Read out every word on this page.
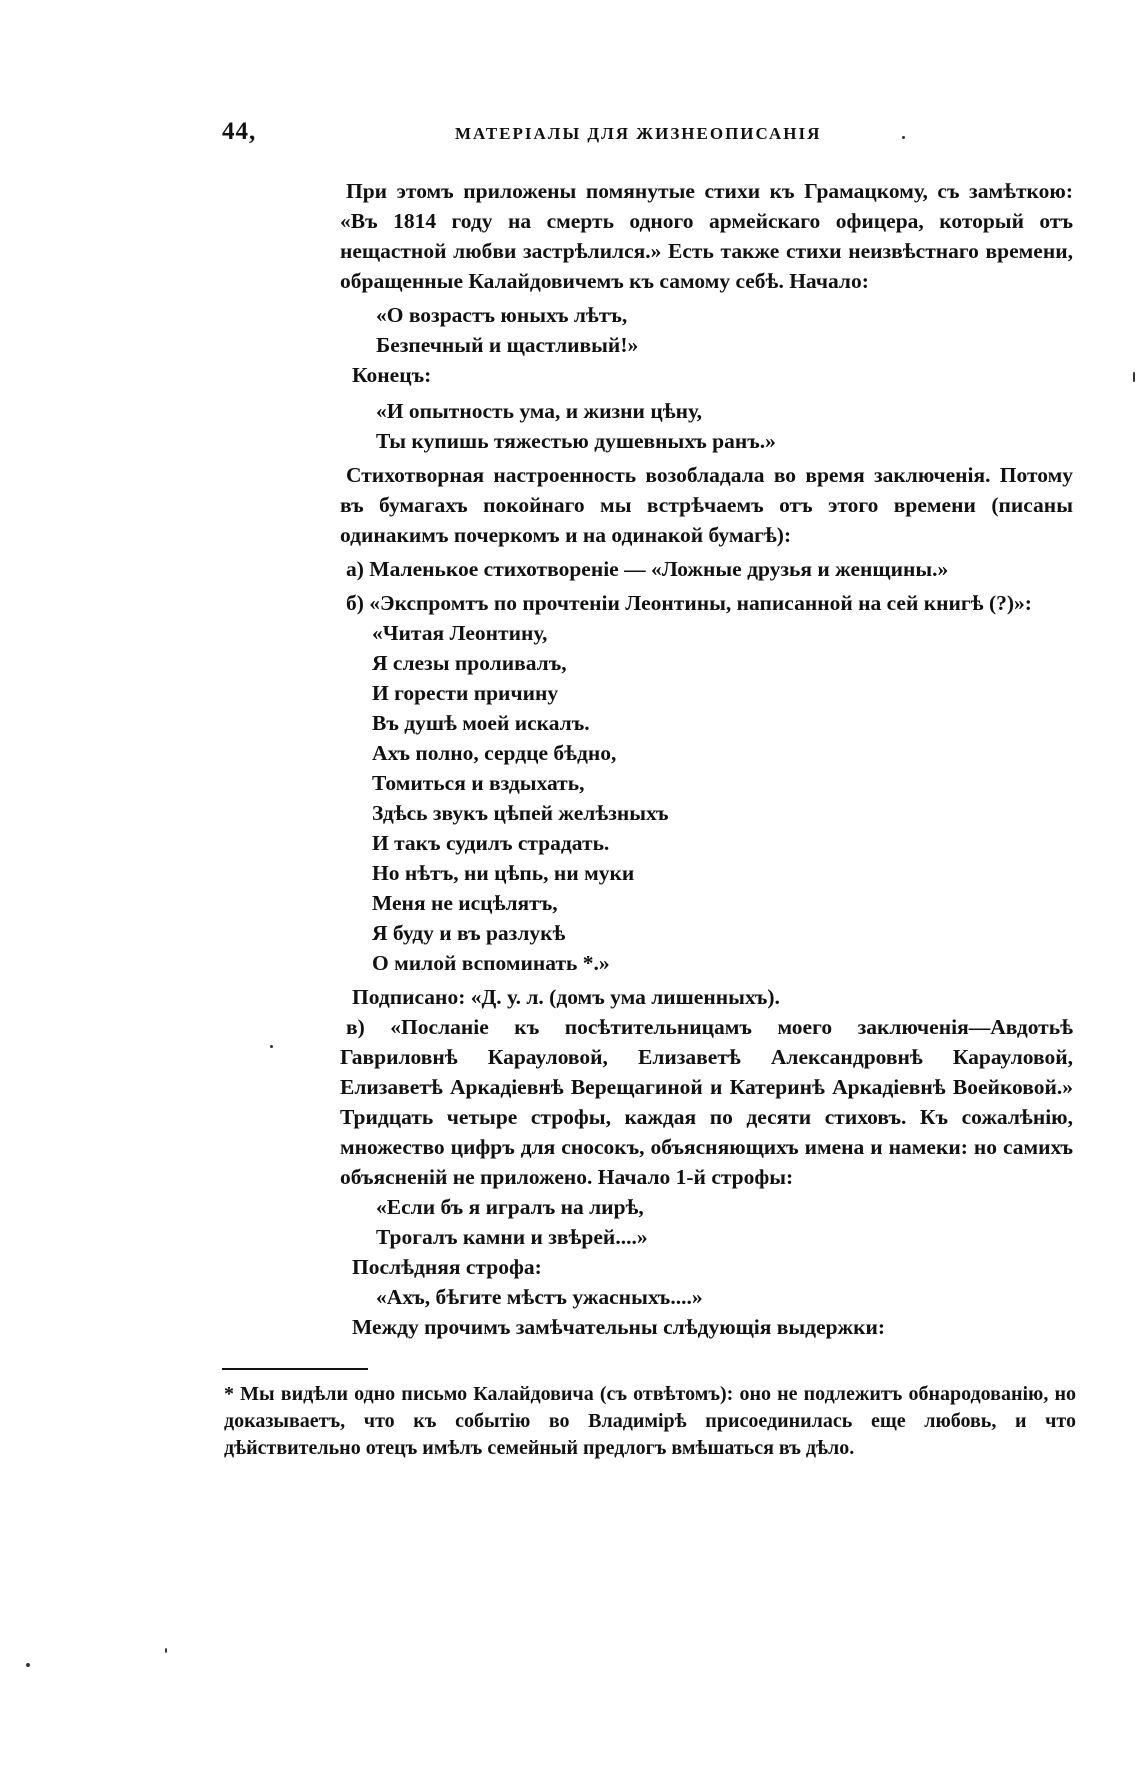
44,	МАТЕРІАЛЫ ДЛЯ ЖИЗНЕОПИСАНІЯ

При этомъ приложены помянутые стихи къ Грамацкому, съ замѣткою: «Въ 1814 году на смерть одного армейскаго офицера, который отъ нещастной любви застрѣлился.» Есть также стихи неизвѣстнаго времени, обращенные Калайдовичемъ къ самому себѣ. Начало:

«О возрастъ юныхъ лѣтъ,

Безпечный и щастливый!»

Конецъ:

«И опытность ума, и жизни цѣну,

Ты купишь тяжестью душевныхъ ранъ.»

Стихотворная настроенность возобладала во время заключенія. Потому въ бумагахъ покойнаго мы встрѣчаемъ отъ этого времени (писаны одинакимъ почеркомъ и на одинакой бумагѣ):

а) Маленькое стихотвореніе — «Ложные друзья и женщины.»

б) «Экспромтъ по прочтеніи Леонтины, написанной на сей книгѣ (?)»:

«Читая Леонтину,

Я слезы проливалъ,

И горести причину

Въ душѣ моей искалъ.

Ахъ полно, сердце бѣдно,

Томиться и вздыхать,

Здѣсь звукъ цѣпей желѣзныхъ

И такъ судилъ страдать.

Но нѣтъ, ни цѣпь, ни муки

Меня не исцѣлятъ,

Я буду и въ разлукѣ

О милой вспоминать *.»

Подписано: «Д. у. л. (домъ ума лишенныхъ).

в) «Посланіе къ посѣтительницамъ моего заключенія—Авдотьѣ Гавриловнѣ Карауловой, Елизаветѣ Александровнѣ Карауловой, Елизаветѣ Аркадіевнѣ Верещагиной и Катеринѣ Аркадіевнѣ Воейковой.» Тридцать четыре строфы, каждая по десяти стиховъ. Къ сожалѣнію, множество цифръ для сносокъ, объясняющихъ имена и намеки: но самихъ объясненій не приложено. Начало 1-й строфы:

«Если бъ я игралъ на лирѣ,

Трогалъ камни и звѣрей....»

Послѣдняя строфа:

«Ахъ, бѣгите мѣстъ ужасныхъ....»

Между прочимъ замѣчательны слѣдующія выдержки:

* Мы видѣли одно письмо Калайдовича (съ отвѣтомъ): оно не подлежитъ обнародованію, но доказываетъ, что къ событію во Владимірѣ присоединилась еще любовь, и что дѣйствительно отецъ имѣлъ семейный предлогъ вмѣшаться въ дѣло.
